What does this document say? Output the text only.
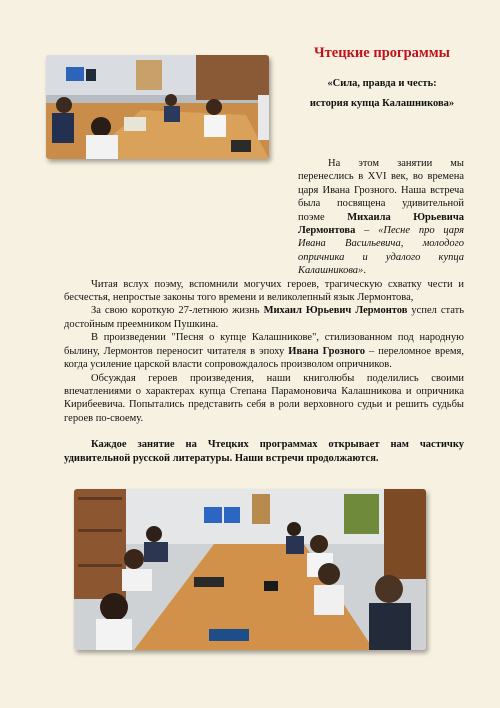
Чтецкие программы
«Сила, правда и честь:
история купца Калашникова»

На этом занятии мы перенеслись в XVI век, во времена царя Ивана Грозного. Наша встреча была посвящена удивительной поэме Михаила Юрьевича Лермонтова – «Песне про царя Ивана Васильевича, молодого опричника и удалого купца Калашникова».

Читая вслух поэму, вспомнили могучих героев, трагическую схватку чести и бесчестья, непростые законы того времени и великолепный язык Лермонтова,

За свою короткую 27-летнюю жизнь Михаил Юрьевич Лермонтов успел стать достойным преемником Пушкина.

В произведении "Песня о купце Калашникове", стилизованном под народную былину, Лермонтов переносит читателя в эпоху Ивана Грозного – переломное время, когда усиление царской власти сопровождалось произволом опричников.

Обсуждая героев произведения, наши книголюбы поделились своими впечатлениями о характерах купца Степана Парамоновича Калашникова и опричника Кирибеевича. Попытались представить себя в роли верховного судьи и решить судьбы героев по-своему.

Каждое занятие на Чтецких программах открывает нам частичку удивительной русской литературы. Наши встречи продолжаются.
